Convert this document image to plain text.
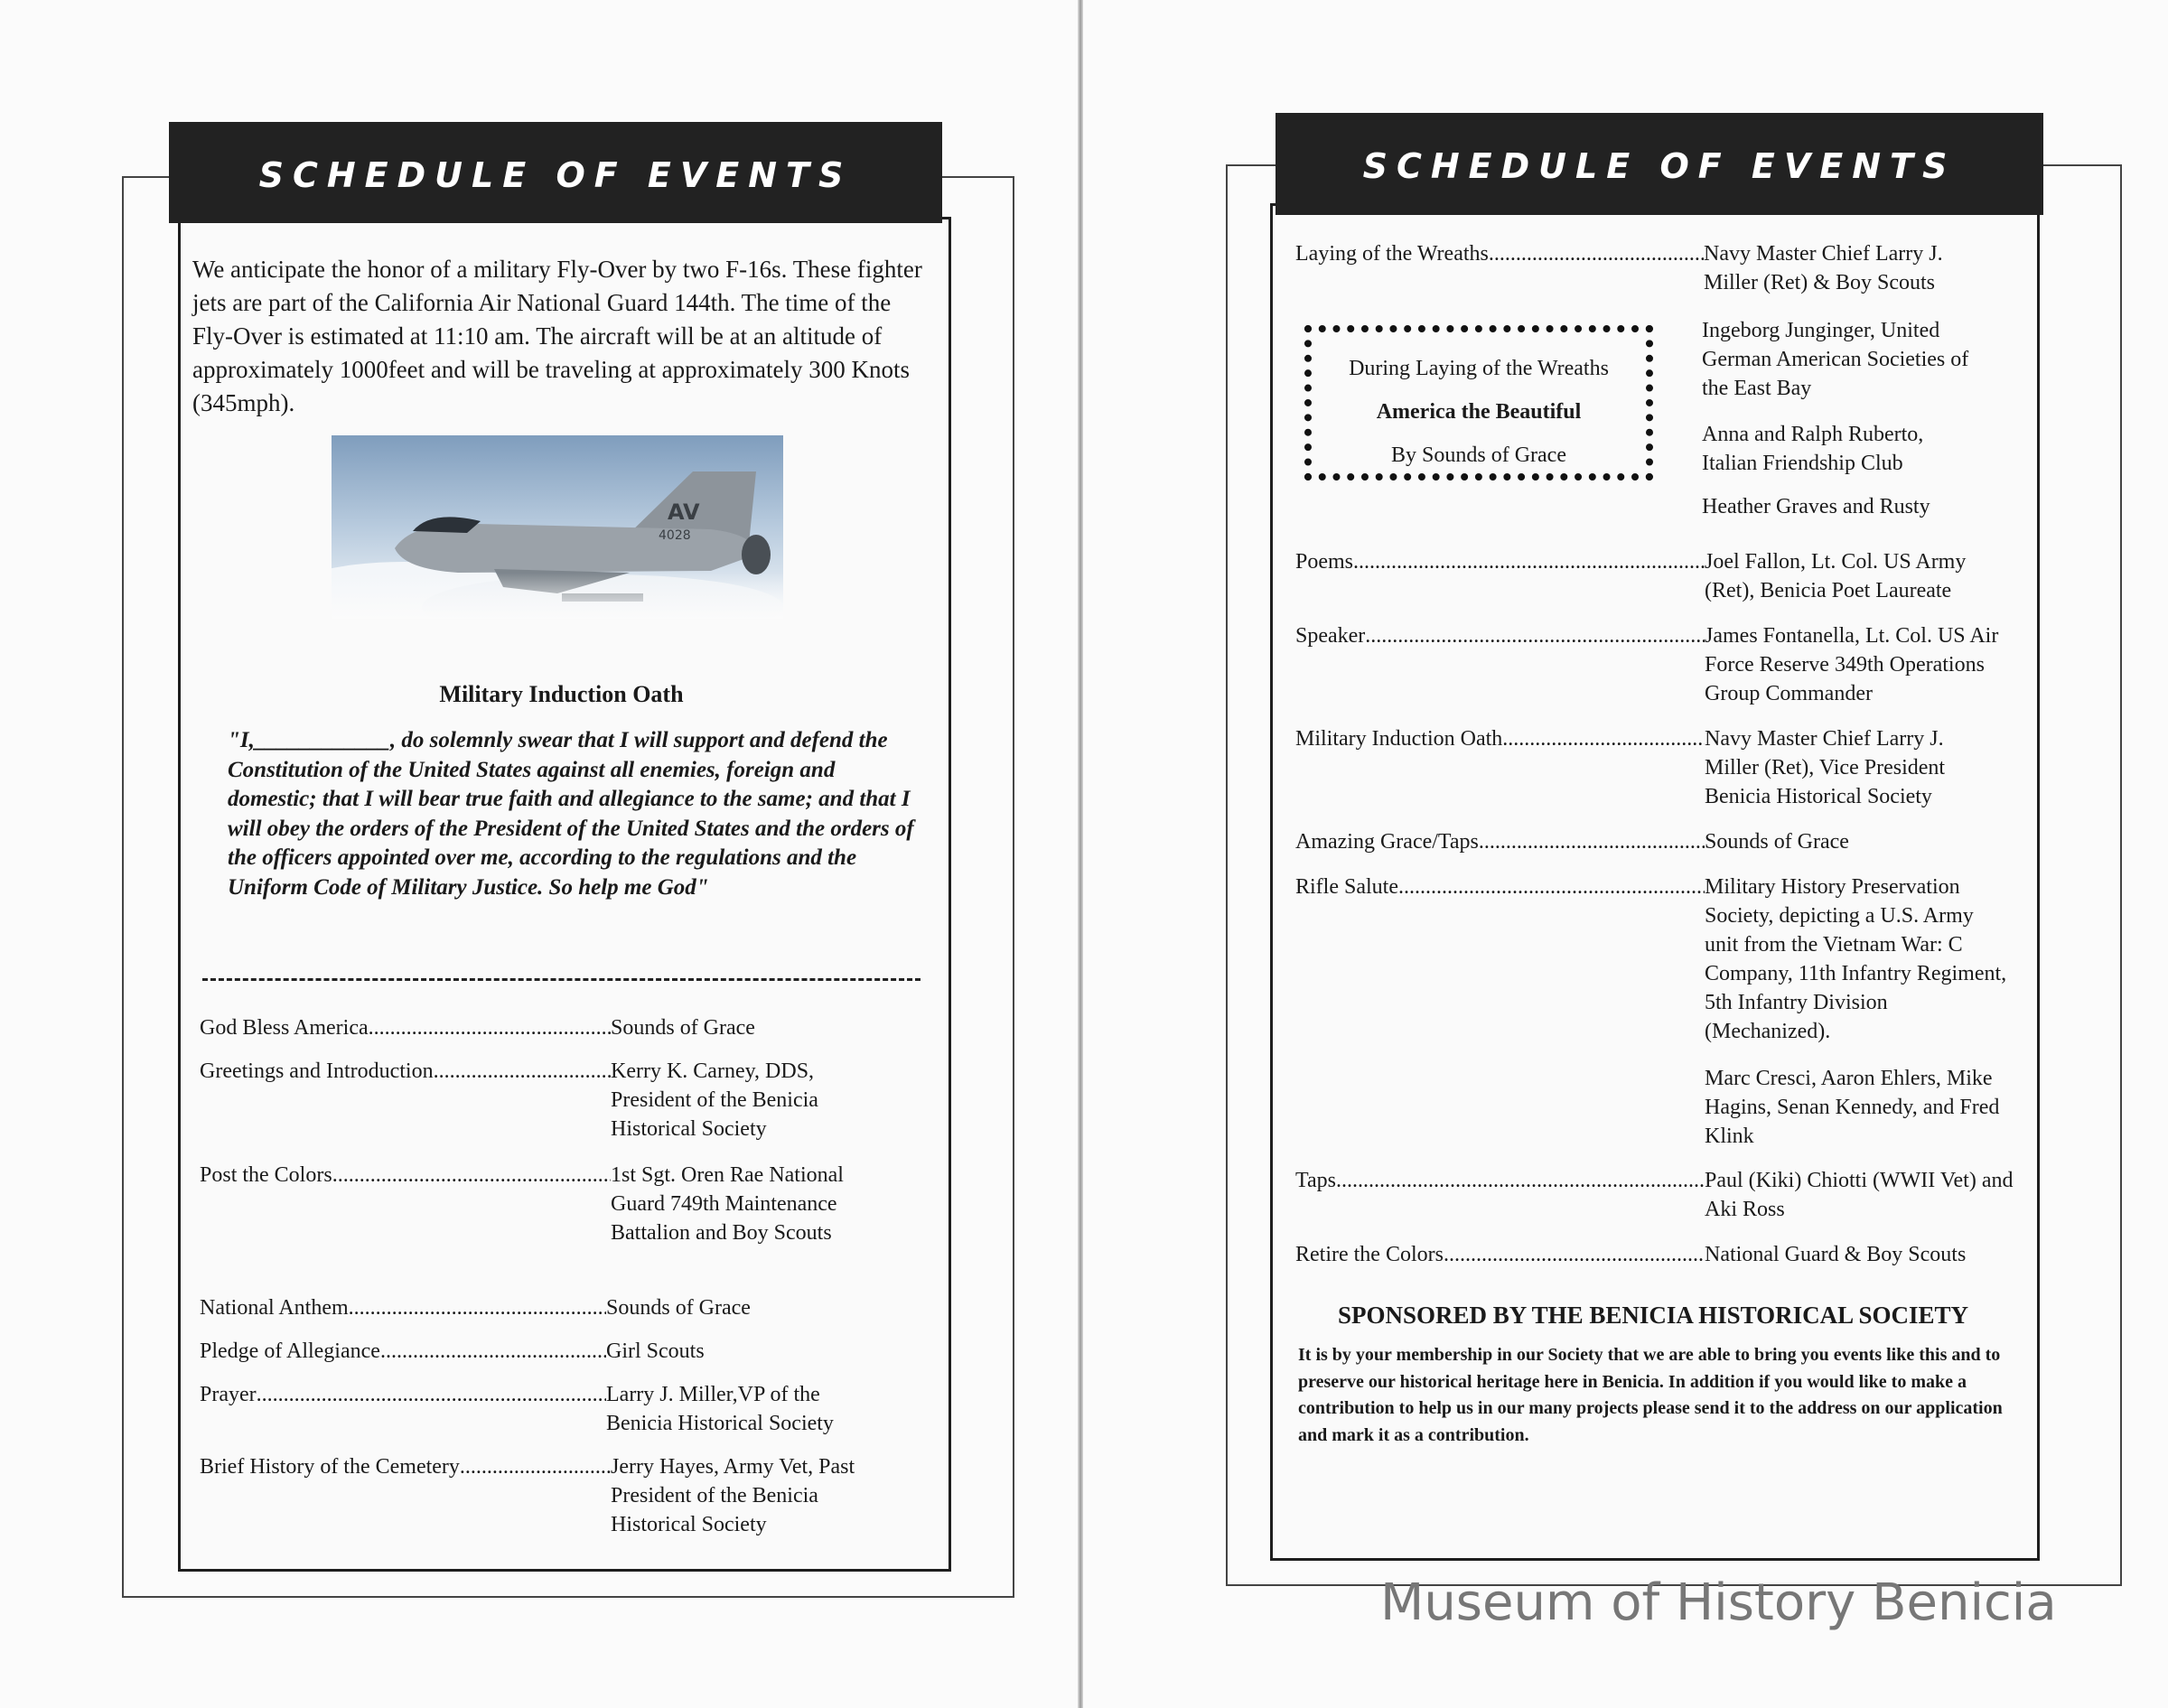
SCHEDULE OF EVENTS
We anticipate the honor of a military Fly-Over by two F-16s. These fighter jets are part of the California Air National Guard 144th. The time of the Fly-Over is estimated at 11:10 am. The aircraft will be at an altitude of approximately 1000feet and will be traveling at approximately 300 Knots (345mph).
Military Induction Oath
"I,____________, do solemnly swear that I will support and defend the Constitution of the United States against all enemies, foreign and domestic; that I will bear true faith and allegiance to the same; and that I will obey the orders of the President of the United States and the orders of the officers appointed over me, according to the regulations and the Uniform Code of Military Justice. So help me God"
God Bless America .....	Sounds of Grace
Greetings and Introduction .....	Kerry K. Carney, DDS, President of the Benicia Historical Society
Post the Colors .....	1st Sgt. Oren Rae National Guard 749th Maintenance Battalion and Boy Scouts
National Anthem .....	Sounds of Grace
Pledge of Allegiance .....	Girl Scouts
Prayer .....	Larry J. Miller,VP of the Benicia Historical Society
Brief History of the Cemetery .....	Jerry Hayes, Army Vet, Past President of the Benicia Historical Society
SCHEDULE OF EVENTS
Laying of the Wreaths .....	Navy Master Chief Larry J. Miller (Ret) & Boy Scouts
During Laying of the Wreaths
America the Beautiful
By Sounds of Grace
Ingeborg Junginger, United German American Societies of the East Bay
Anna and Ralph Ruberto, Italian Friendship Club
Heather Graves and Rusty
Poems .....	Joel Fallon, Lt. Col. US Army (Ret), Benicia Poet Laureate
Speaker .....	James Fontanella, Lt. Col. US Air Force Reserve 349th Operations Group Commander
Military Induction Oath .....	Navy Master Chief Larry J. Miller (Ret), Vice President Benicia Historical Society
Amazing Grace/Taps .....	Sounds of Grace
Rifle Salute .....	Military History Preservation Society, depicting a U.S. Army unit from the Vietnam War: C Company, 11th Infantry Regiment, 5th Infantry Division (Mechanized).
Marc Cresci, Aaron Ehlers, Mike Hagins, Senan Kennedy, and Fred Klink
Taps .....	Paul (Kiki) Chiotti (WWII Vet) and Aki Ross
Retire the Colors .....	National Guard & Boy Scouts
SPONSORED BY THE BENICIA HISTORICAL SOCIETY
It is by your membership in our Society that we are able to bring you events like this and to preserve our historical heritage here in Benicia. In addition if you would like to make a contribution to help us in our many projects please send it to the address on our application and mark it as a contribution.
Museum of History Benicia
